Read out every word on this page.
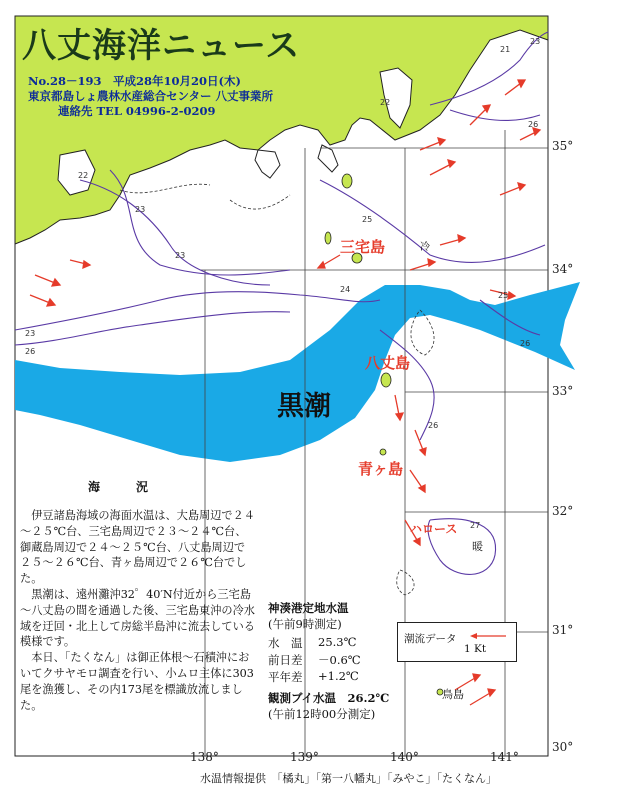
22
23
23
24
25
25
23
26
26
26
27
22
21
23
26
八丈海洋ニュース
No.28－193　平成28年10月20日(木)
東京都島しょ農林水産総合センター 八丈事業所
連絡先 TEL 04996-2-0209
三宅島
八丈島
青ヶ島
ハロース
鳥島
暖
冷
黒潮
35°
34°
33°
32°
31°
30°
138°	139°	140°	141°
海　況

伊豆諸島海域の海面水温は、大島周辺で２４～２５℃台、三宅島周辺で２３～２４℃台、御蔵島周辺で２４～２５℃台、八丈島周辺で２５～２６℃台、青ヶ島周辺で２６℃台でした。

黒潮は、遠州灘沖32゜40′N付近から三宅島～八丈島の間を通過した後、三宅島東沖の冷水域を迂回・北上して房総半島沖に流去している模様です。

本日、「たくなん」は御正体根～石積沖においてクサヤモロ調査を行い、小ムロ主体に303尾を漁獲し、その内173尾を標識放流しました。

神湊港定地水温
(午前9時測定)
水　温	25.3℃
前日差	－0.6℃
平年差	+1.2℃
観測ブイ水温　26.2℃
(午前12時00分測定)
潮流データ
1 Kt
水温情報提供　「橘丸」「第一八幡丸」「みやこ」「たくなん」
